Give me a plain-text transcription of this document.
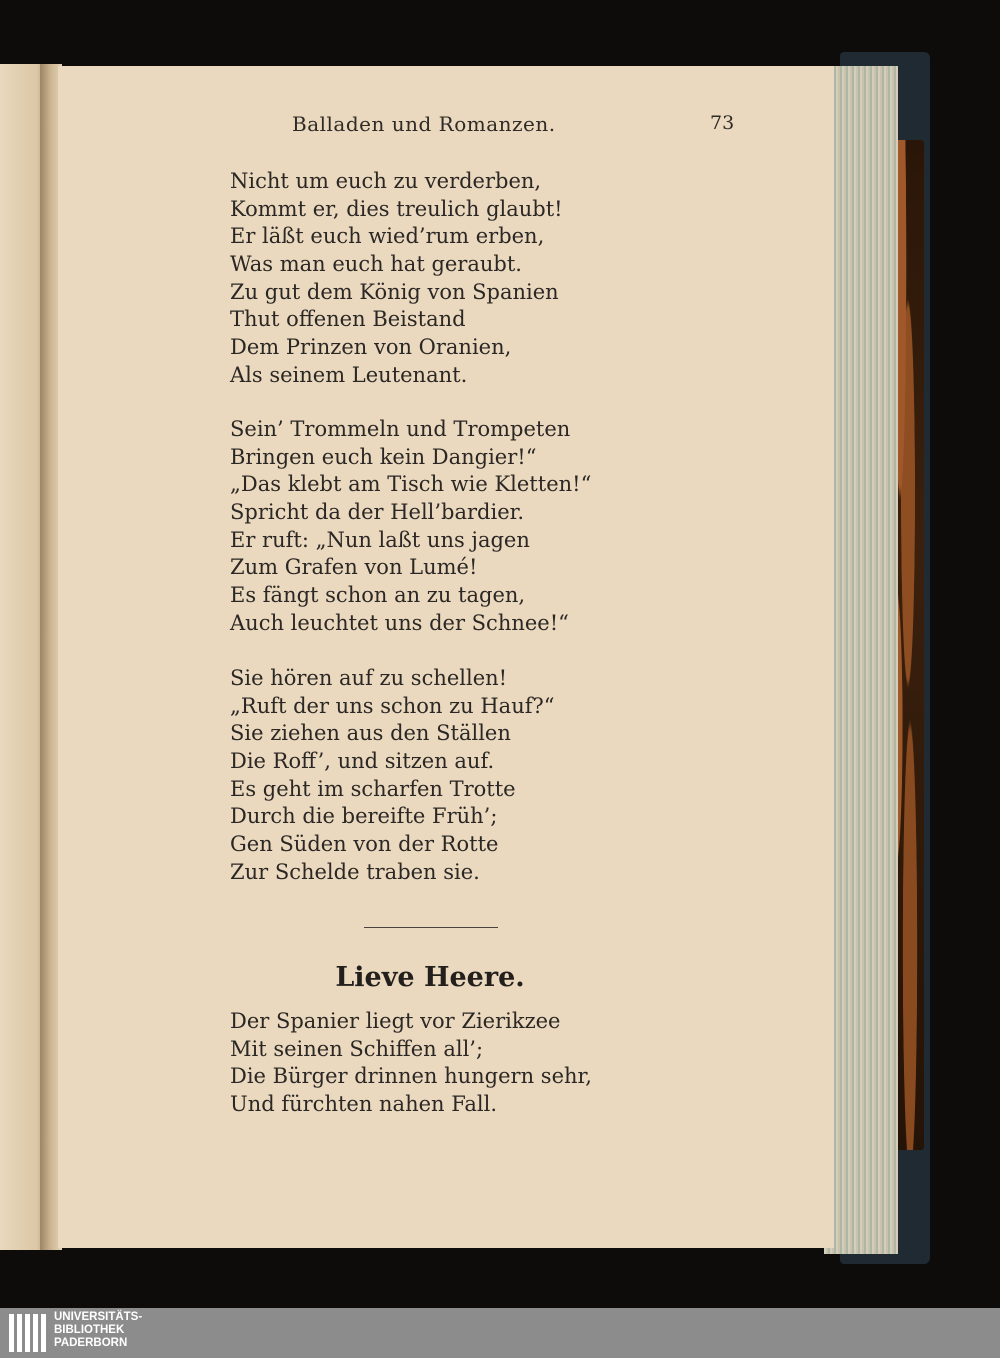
Balladen und Romanzen.	73
Nicht um euch zu verderben,
Kommt er, dies treulich glaubt!
Er läßt euch wied’rum erben,
Was man euch hat geraubt.
Zu gut dem König von Spanien
Thut offenen Beistand
Dem Prinzen von Oranien,
Als seinem Leutenant.
Sein’ Trommeln und Trompeten
Bringen euch kein Dangier!“
„Das klebt am Tisch wie Kletten!“
Spricht da der Hell’bardier.
Er ruft: „Nun laßt uns jagen
Zum Grafen von Lumé!
Es fängt schon an zu tagen,
Auch leuchtet uns der Schnee!“
Sie hören auf zu schellen!
„Ruft der uns schon zu Hauf?“
Sie ziehen aus den Ställen
Die Roff’, und sitzen auf.
Es geht im scharfen Trotte
Durch die bereifte Früh’;
Gen Süden von der Rotte
Zur Schelde traben sie.
Lieve Heere.
Der Spanier liegt vor Zierikzee
Mit seinen Schiffen all’;
Die Bürger drinnen hungern sehr,
Und fürchten nahen Fall.
UNIVERSITÄTS-
BIBLIOTHEK
PADERBORN
